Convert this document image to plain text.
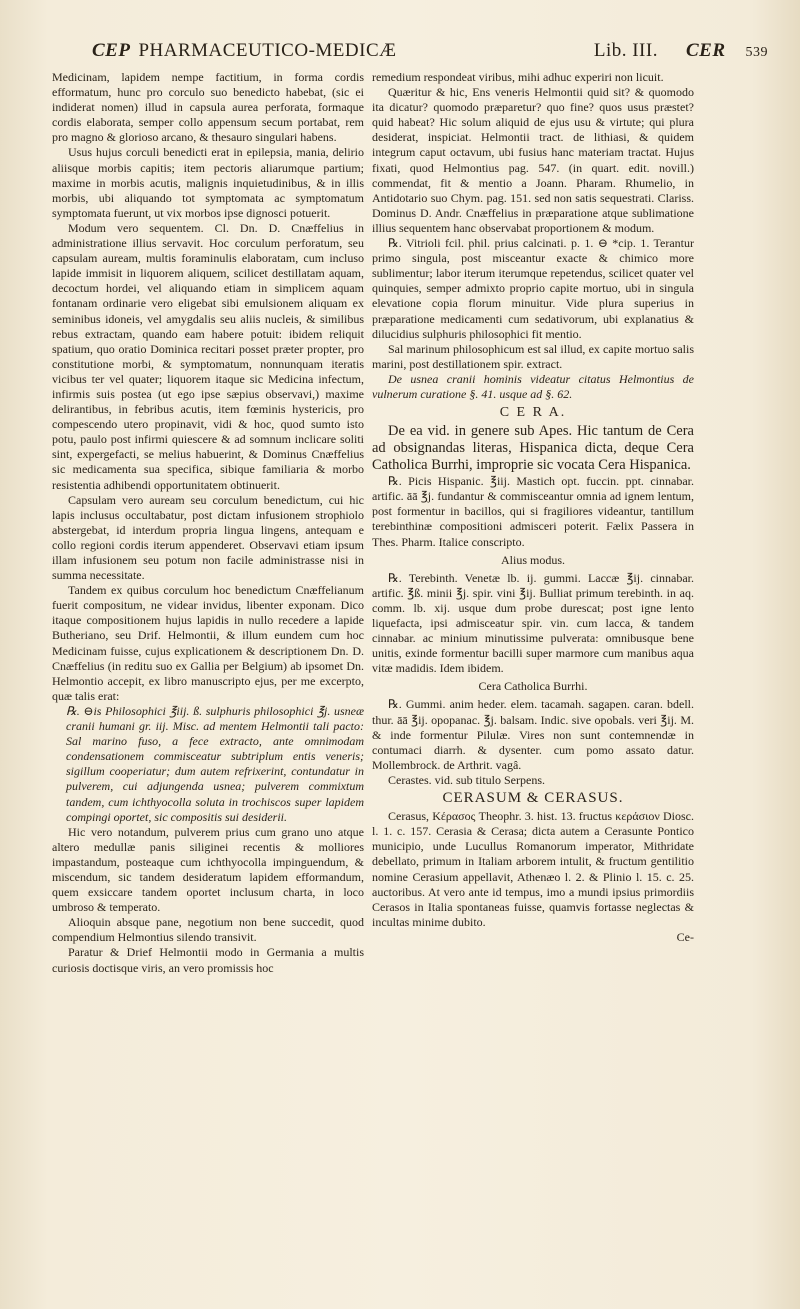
CEP PHARMACEUTICO-MEDICÆ	Lib. III. CER 539

Medicinam, lapidem nempe factitium, in forma cordis efformatum, hunc pro corculo suo benedicto habebat, (sic ei indiderat nomen) illud in capsula aurea perforata, formaque cordis elaborata, semper collo appensum secum portabat, rem pro magno & glorioso arcano, & thesauro singulari habens.

Usus hujus corculi benedicti erat in epilepsia, mania, delirio aliisque morbis capitis; item pectoris aliarumque partium; maxime in morbis acutis, malignis inquietudinibus, & in illis morbis, ubi aliquando tot symptomata ac symptomatum symptomata fuerunt, ut vix morbos ipse dignosci potuerit.

Modum vero sequentem. Cl. Dn. D. Cnæffelius in administratione illius servavit. Hoc corculum perforatum, seu capsulam auream, multis foraminulis elaboratam, cum incluso lapide immisit in liquorem aliquem, scilicet destillatam aquam, decoctum hordei, vel aliquando etiam in simplicem aquam fontanam ordinarie vero eligebat sibi emulsionem aliquam ex seminibus idoneis, vel amygdalis seu aliis nucleis, & similibus rebus extractam, quando eam habere potuit: ibidem reliquit spatium, quo oratio Dominica recitari posset præter propter, pro constitutione morbi, & symptomatum, nonnunquam iteratis vicibus ter vel quater; liquorem itaque sic Medicina infectum, infirmis suis postea (ut ego ipse sæpius observavi,) maxime delirantibus, in febribus acutis, item fœminis hystericis, pro compescendo utero propinavit, vidi & hoc, quod sumto isto potu, paulo post infirmi quiescere & ad somnum inclicare soliti sint, expergefacti, se melius habuerint, & Dominus Cnæffelius sic medicamenta sua specifica, sibique familiaria & morbo resistentia adhibendi opportunitatem obtinuerit.

Capsulam vero auream seu corculum benedictum, cui hic lapis inclusus occultabatur, post dictam infusionem strophiolo abstergebat, id interdum propria lingua lingens, antequam e collo regioni cordis iterum appenderet. Observavi etiam ipsum illam infusionem seu potum non facile administrasse nisi in summa necessitate.

Tandem ex quibus corculum hoc benedictum Cnæffelianum fuerit compositum, ne videar invidus, libenter exponam. Dico itaque compositionem hujus lapidis in nullo recedere a lapide Butheriano, seu Drif. Helmontii, & illum eundem cum hoc Medicinam fuisse, cujus explicationem & descriptionem Dn. D. Cnæffelius (in reditu suo ex Gallia per Belgium) ab ipsomet Dn. Helmontio accepit, ex libro manuscripto ejus, per me excerpto, quæ talis erat:

℞. ⊖is Philosophici ℥iij. ß. sulphuris philosophici ℥j. usneæ cranii humani gr. iij. Misc. ad mentem Helmontii tali pacto: Sal marino fuso, a fece extracto, ante omnimodam condensationem commisceatur subtriplum entis veneris; sigillum cooperiatur; dum autem refrixerint, contundatur in pulverem, cui adjungenda usnea; pulverem commixtum tandem, cum ichthyocolla soluta in trochiscos super lapidem compingi oportet, sic compositis sui desiderii.

Hic vero notandum, pulverem prius cum grano uno atque altero medullæ panis siliginei recentis & molliores impastandum, posteaque cum ichthyocolla impinguendum, & miscendum, sic tandem desideratum lapidem efformandum, quem exsiccare tandem oportet inclusum charta, in loco umbroso & temperato.

Alioquin absque pane, negotium non bene succedit, quod compendium Helmontius silendo transivit.

Paratur & Drief Helmontii modo in Germania a multis curiosis doctisque viris, an vero promissis hoc

remedium respondeat viribus, mihi adhuc experiri non licuit.

Quæritur & hic, Ens veneris Helmontii quid sit? & quomodo ita dicatur? quomodo præparetur? quo fine? quos usus præstet? quid habeat? Hic solum aliquid de ejus usu & virtute; qui plura desiderat, inspiciat. Helmontii tract. de lithiasi, & quidem integrum caput octavum, ubi fusius hanc materiam tractat. Hujus fixati, quod Helmontius pag. 547. (in quart. edit. novill.) commendat, fit & mentio a Joann. Pharam. Rhumelio, in Antidotario suo Chym. pag. 151. sed non satis sequestrati. Clariss. Dominus D. Andr. Cnæffelius in præparatione atque sublimatione illius sequentem hanc observabat proportionem & modum.

℞. Vitrioli fcil. phil. prius calcinati. p. 1. ⊖ *cip. 1. Terantur primo singula, post misceantur exacte & chimico more sublimentur; labor iterum iterumque repetendus, scilicet quater vel quinquies, semper admixto proprio capite mortuo, ubi in singula elevatione copia florum minuitur. Vide plura superius in præparatione medicamenti cum sedativorum, ubi explanatius & dilucidius sulphuris philosophici fit mentio.

Sal marinum philosophicum est sal illud, ex capite mortuo salis marini, post destillationem spir. extract.

De usnea cranii hominis videatur citatus Helmontius de vulnerum curatione §. 41. usque ad §. 62.

C E R A.

De ea vid. in genere sub Apes. Hic tantum de Cera ad obsignandas literas, Hispanica dicta, deque Cera Catholica Burrhi, improprie sic vocata Cera Hispanica.

℞. Picis Hispanic. ℥iij. Mastich opt. fuccin. ppt. cinnabar. artific. āā ℥j. fundantur & commisceantur omnia ad ignem lentum, post formentur in bacillos, qui si fragiliores videantur, tantillum terebinthinæ compositioni admisceri poterit. Fælix Passera in Thes. Pharm. Italice conscripto.

Alius modus.

℞. Terebinth. Venetæ lb. ij. gummi. Laccæ ℥ij. cinnabar. artific. ℥ß. minii ℥j. spir. vini ℥ij. Bulliat primum terebinth. in aq. comm. lb. xij. usque dum probe durescat; post igne lento liquefacta, ipsi admisceatur spir. vin. cum lacca, & tandem cinnabar. ac minium minutissime pulverata: omnibusque bene unitis, exinde formentur bacilli super marmore cum manibus aqua vitæ madidis. Idem ibidem.

Cera Catholica Burrhi.

℞. Gummi. anim heder. elem. tacamah. sagapen. caran. bdell. thur. āā ℥ij. opopanac. ℥j. balsam. Indic. sive opobals. veri ℥ij. M. & inde formentur Pilulæ. Vires non sunt contemnendæ in contumaci diarrh. & dysenter. cum pomo assato datur. Mollembrock. de Arthrit. vagâ.

Cerastes. vid. sub titulo Serpens.

CERASUM & CERASUS.

Cerasus, Κέρασος Theophr. 3. hist. 13. fructus κεράσιον Diosc. l. 1. c. 157. Cerasia & Cerasa; dicta autem a Cerasunte Pontico municipio, unde Lucullus Romanorum imperator, Mithridate debellato, primum in Italiam arborem intulit, & fructum gentilitio nomine Cerasium appellavit, Athenæo l. 2. & Plinio l. 15. c. 25. auctoribus. At vero ante id tempus, imo a mundi ipsius primordiis Cerasos in Italia spontaneas fuisse, quamvis fortasse neglectas & incultas minime dubito.

Ce-
